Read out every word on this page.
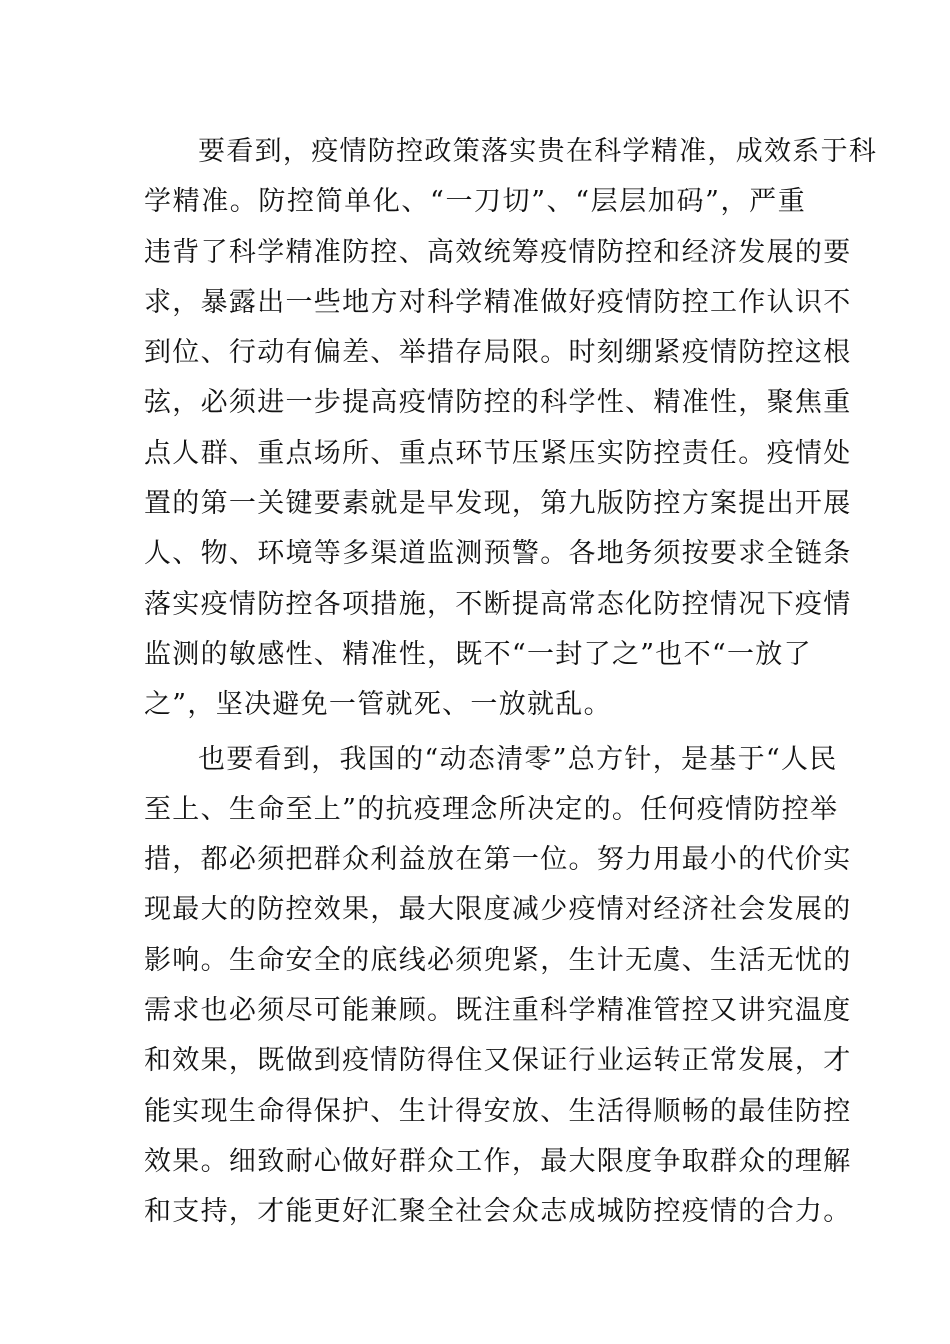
要看到，疫情防控政策落实贵在科学精准，成效系于科
学精准。防控简单化、“一刀切”、“层层加码”，严重
违背了科学精准防控、高效统筹疫情防控和经济发展的要
求，暴露出一些地方对科学精准做好疫情防控工作认识不
到位、行动有偏差、举措存局限。时刻绷紧疫情防控这根
弦，必须进一步提高疫情防控的科学性、精准性，聚焦重
点人群、重点场所、重点环节压紧压实防控责任。疫情处
置的第一关键要素就是早发现，第九版防控方案提出开展
人、物、环境等多渠道监测预警。各地务须按要求全链条
落实疫情防控各项措施，不断提高常态化防控情况下疫情
监测的敏感性、精准性，既不“一封了之”也不“一放了
之”，坚决避免一管就死、一放就乱。
也要看到，我国的“动态清零”总方针，是基于“人民
至上、生命至上”的抗疫理念所决定的。任何疫情防控举
措，都必须把群众利益放在第一位。努力用最小的代价实
现最大的防控效果，最大限度减少疫情对经济社会发展的
影响。生命安全的底线必须兜紧，生计无虞、生活无忧的
需求也必须尽可能兼顾。既注重科学精准管控又讲究温度
和效果，既做到疫情防得住又保证行业运转正常发展，才
能实现生命得保护、生计得安放、生活得顺畅的最佳防控
效果。细致耐心做好群众工作，最大限度争取群众的理解
和支持，才能更好汇聚全社会众志成城防控疫情的合力。
